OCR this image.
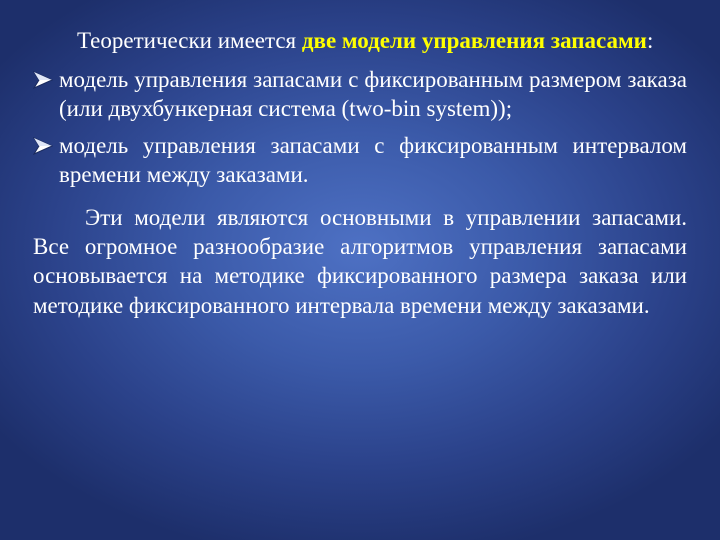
Теоретически имеется две модели управления запасами:

модель управления запасами с фиксированным размером заказа (или двухбункерная система (two-bin system));
модель управления запасами с фиксированным интервалом времени между заказами.

Эти модели являются основными в управлении запасами. Все огромное разнообразие алгоритмов управления запасами основывается на методике фиксированного размера заказа или методике фиксированного интервала времени между заказами.
